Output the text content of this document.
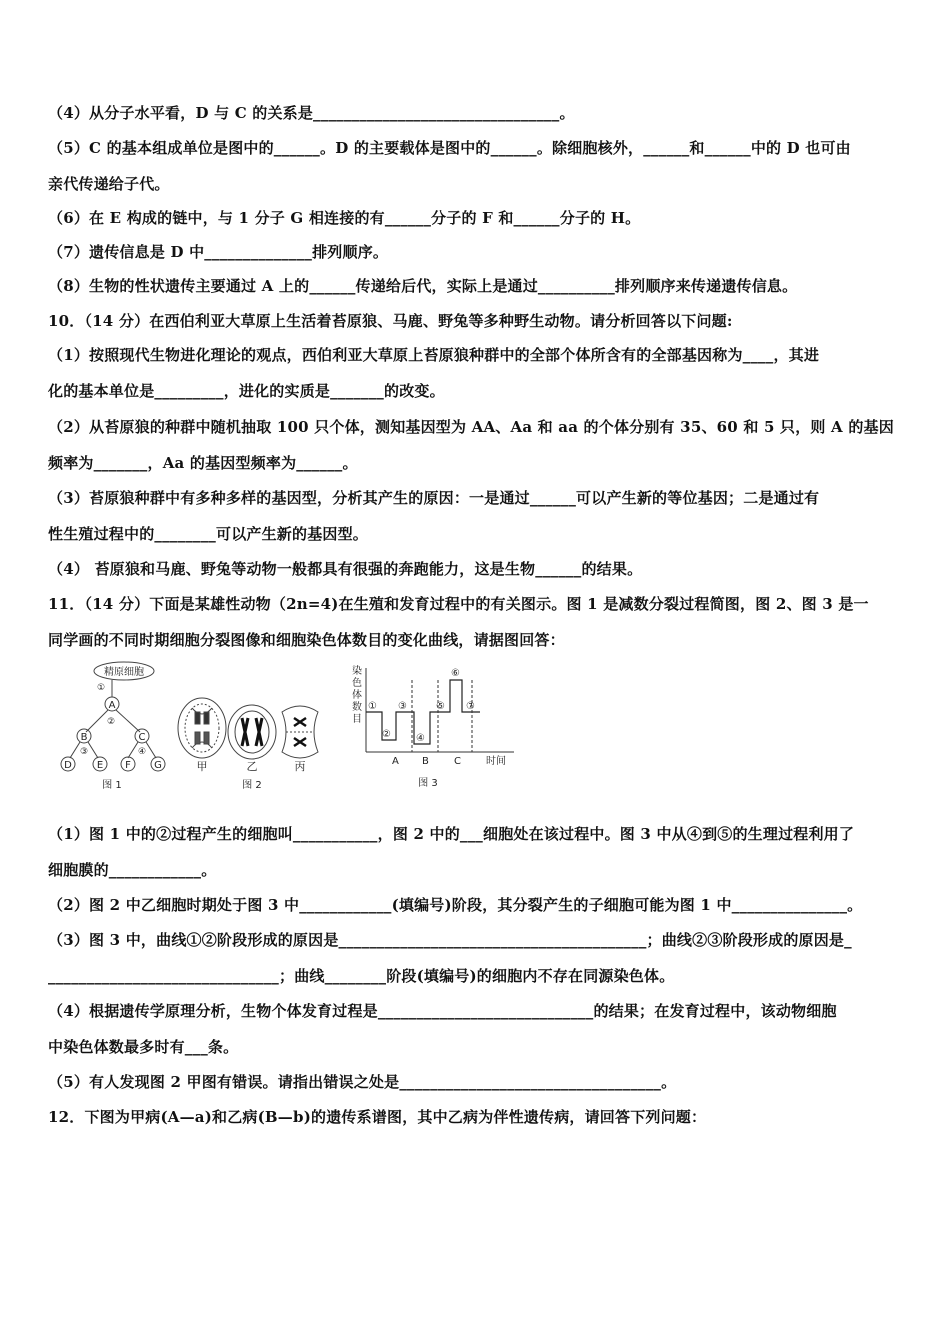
（4）从分子水平看，D 与 C 的关系是________________________________。
（5）C 的基本组成单位是图中的______。D 的主要载体是图中的______。除细胞核外，______和______中的 D 也可由
亲代传递给子代。
（6）在 E 构成的链中，与 1 分子 G 相连接的有______分子的 F 和______分子的 H。
（7）遗传信息是 D 中______________排列顺序。
（8）生物的性状遗传主要通过 A 上的______传递给后代，实际上是通过__________排列顺序来传递遗传信息。
10．（14 分）在西伯利亚大草原上生活着苔原狼、马鹿、野兔等多种野生动物。请分析回答以下问题:
（1）按照现代生物进化理论的观点，西伯利亚大草原上苔原狼种群中的全部个体所含有的全部基因称为____，其进
化的基本单位是_________，进化的实质是_______的改变。
（2）从苔原狼的种群中随机抽取 100 只个体，测知基因型为 AA、Aa 和 aa 的个体分别有 35、60 和 5 只，则 A 的基因
频率为_______，Aa 的基因型频率为______。
（3）苔原狼种群中有多种多样的基因型，分析其产生的原因：一是通过______可以产生新的等位基因；二是通过有
性生殖过程中的________可以产生新的基因型。
（4） 苔原狼和马鹿、野兔等动物一般都具有很强的奔跑能力，这是生物______的结果。
11．（14 分）下面是某雄性动物（2n=4)在生殖和发育过程中的有关图示。图 1 是减数分裂过程简图，图 2、图 3 是一
同学画的不同时期细胞分裂图像和细胞染色体数目的变化曲线，请据图回答：
精原细胞
①
A
②
B	C
③	④
D E F G
图 1
甲	乙	丙
图 2
染
色
体
数
目
①
②
③
④
⑤
⑥
⑦
A B	C	时间
图 3
（1）图 1 中的②过程产生的细胞叫___________，图 2 中的___细胞处在该过程中。图 3 中从④到⑤的生理过程利用了
细胞膜的____________。
（2）图 2 中乙细胞时期处于图 3 中____________(填编号)阶段，其分裂产生的子细胞可能为图 1 中_______________。
（3）图 3 中，曲线①②阶段形成的原因是________________________________________；曲线②③阶段形成的原因是_
______________________________；曲线________阶段(填编号)的细胞内不存在同源染色体。
（4）根据遗传学原理分析，生物个体发育过程是____________________________的结果；在发育过程中，该动物细胞
中染色体数最多时有___条。
（5）有人发现图 2 甲图有错误。请指出错误之处是__________________________________。
12．下图为甲病(A—a)和乙病(B—b)的遗传系谱图，其中乙病为伴性遗传病，请回答下列问题：
